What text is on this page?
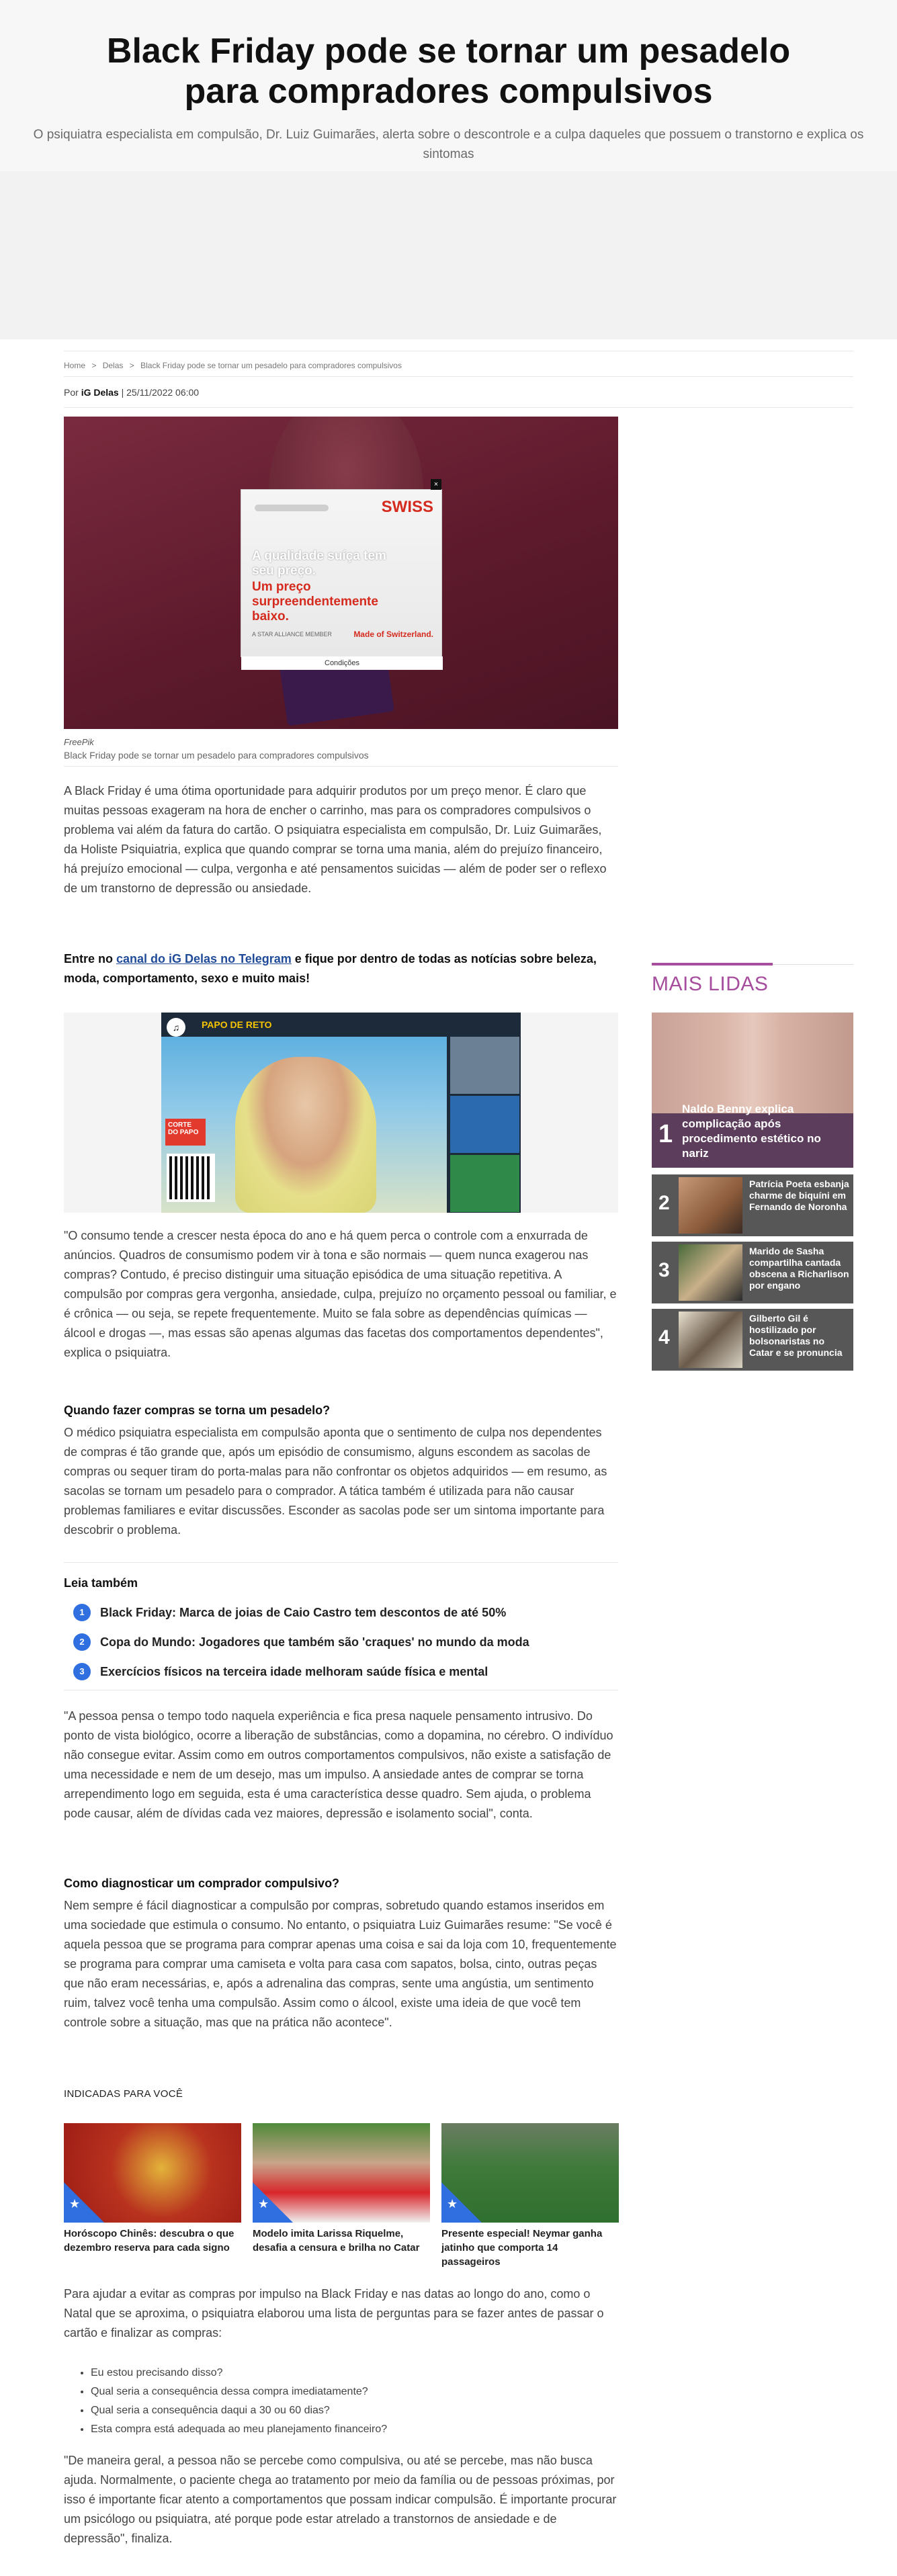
Black Friday pode se tornar um pesadelo para compradores compulsivos

O psiquiatra especialista em compulsão, Dr. Luiz Guimarães, alerta sobre o descontrole e a culpa daqueles que possuem o transtorno e explica os sintomas

Home > Delas > Black Friday pode se tornar um pesadelo para compradores compulsivos
Por iG Delas | 25/11/2022 06:00
×
SWISS
A qualidade suíça tem seu preço.
Um preço surpreendentemente baixo.
A STAR ALLIANCE MEMBER	Made of Switzerland.
Condições
FreePik
Black Friday pode se tornar um pesadelo para compradores compulsivos
A Black Friday é uma ótima oportunidade para adquirir produtos por um preço menor. É claro que muitas pessoas exageram na hora de encher o carrinho, mas para os compradores compulsivos o problema vai além da fatura do cartão. O psiquiatra especialista em compulsão, Dr. Luiz Guimarães, da Holiste Psiquiatria, explica que quando comprar se torna uma mania, além do prejuízo financeiro, há prejuízo emocional — culpa, vergonha e até pensamentos suicidas — além de poder ser o reflexo de um transtorno de depressão ou ansiedade.
Entre no canal do iG Delas no Telegram e fique por dentro de todas as notícias sobre beleza, moda, comportamento, sexo e muito mais!
♫	PAPO DE RETO
CORTE DO PAPO
"O consumo tende a crescer nesta época do ano e há quem perca o controle com a enxurrada de anúncios. Quadros de consumismo podem vir à tona e são normais — quem nunca exagerou nas compras? Contudo, é preciso distinguir uma situação episódica de uma situação repetitiva. A compulsão por compras gera vergonha, ansiedade, culpa, prejuízo no orçamento pessoal ou familiar, e é crônica — ou seja, se repete frequentemente. Muito se fala sobre as dependências químicas — álcool e drogas —, mas essas são apenas algumas das facetas dos comportamentos dependentes", explica o psiquiatra.
Quando fazer compras se torna um pesadelo?
O médico psiquiatra especialista em compulsão aponta que o sentimento de culpa nos dependentes de compras é tão grande que, após um episódio de consumismo, alguns escondem as sacolas de compras ou sequer tiram do porta-malas para não confrontar os objetos adquiridos — em resumo, as sacolas se tornam um pesadelo para o comprador. A tática também é utilizada para não causar problemas familiares e evitar discussões. Esconder as sacolas pode ser um sintoma importante para descobrir o problema.
Leia também
1	Black Friday: Marca de joias de Caio Castro tem descontos de até 50%
2	Copa do Mundo: Jogadores que também são 'craques' no mundo da moda
3	Exercícios físicos na terceira idade melhoram saúde física e mental
"A pessoa pensa o tempo todo naquela experiência e fica presa naquele pensamento intrusivo. Do ponto de vista biológico, ocorre a liberação de substâncias, como a dopamina, no cérebro. O indivíduo não consegue evitar. Assim como em outros comportamentos compulsivos, não existe a satisfação de uma necessidade e nem de um desejo, mas um impulso. A ansiedade antes de comprar se torna arrependimento logo em seguida, esta é uma característica desse quadro. Sem ajuda, o problema pode causar, além de dívidas cada vez maiores, depressão e isolamento social", conta.
Como diagnosticar um comprador compulsivo?
Nem sempre é fácil diagnosticar a compulsão por compras, sobretudo quando estamos inseridos em uma sociedade que estimula o consumo. No entanto, o psiquiatra Luiz Guimarães resume: "Se você é aquela pessoa que se programa para comprar apenas uma coisa e sai da loja com 10, frequentemente se programa para comprar uma camiseta e volta para casa com sapatos, bolsa, cinto, outras peças que não eram necessárias, e, após a adrenalina das compras, sente uma angústia, um sentimento ruim, talvez você tenha uma compulsão. Assim como o álcool, existe uma ideia de que você tem controle sobre a situação, mas que na prática não acontece".
INDICADAS PARA VOCÊ
★
Horóscopo Chinês: descubra o que dezembro reserva para cada signo
★
Modelo imita Larissa Riquelme, desafia a censura e brilha no Catar
★
Presente especial! Neymar ganha jatinho que comporta 14 passageiros
Para ajudar a evitar as compras por impulso na Black Friday e nas datas ao longo do ano, como o Natal que se aproxima, o psiquiatra elaborou uma lista de perguntas para se fazer antes de passar o cartão e finalizar as compras:
• Eu estou precisando disso?
• Qual seria a consequência dessa compra imediatamente?
• Qual seria a consequência daqui a 30 ou 60 dias?
• Esta compra está adequada ao meu planejamento financeiro?
"De maneira geral, a pessoa não se percebe como compulsiva, ou até se percebe, mas não busca ajuda. Normalmente, o paciente chega ao tratamento por meio da família ou de pessoas próximas, por isso é importante ficar atento a comportamentos que possam indicar compulsão. É importante procurar um psicólogo ou psiquiatra, até porque pode estar atrelado a transtornos de ansiedade e de depressão", finaliza.
MAIS LIDAS
1
Naldo Benny explica complicação após procedimento estético no nariz
2
Patrícia Poeta esbanja charme de biquíni em Fernando de Noronha
3
Marido de Sasha compartilha cantada obscena a Richarlison por engano
4
Gilberto Gil é hostilizado por bolsonaristas no Catar e se pronuncia
